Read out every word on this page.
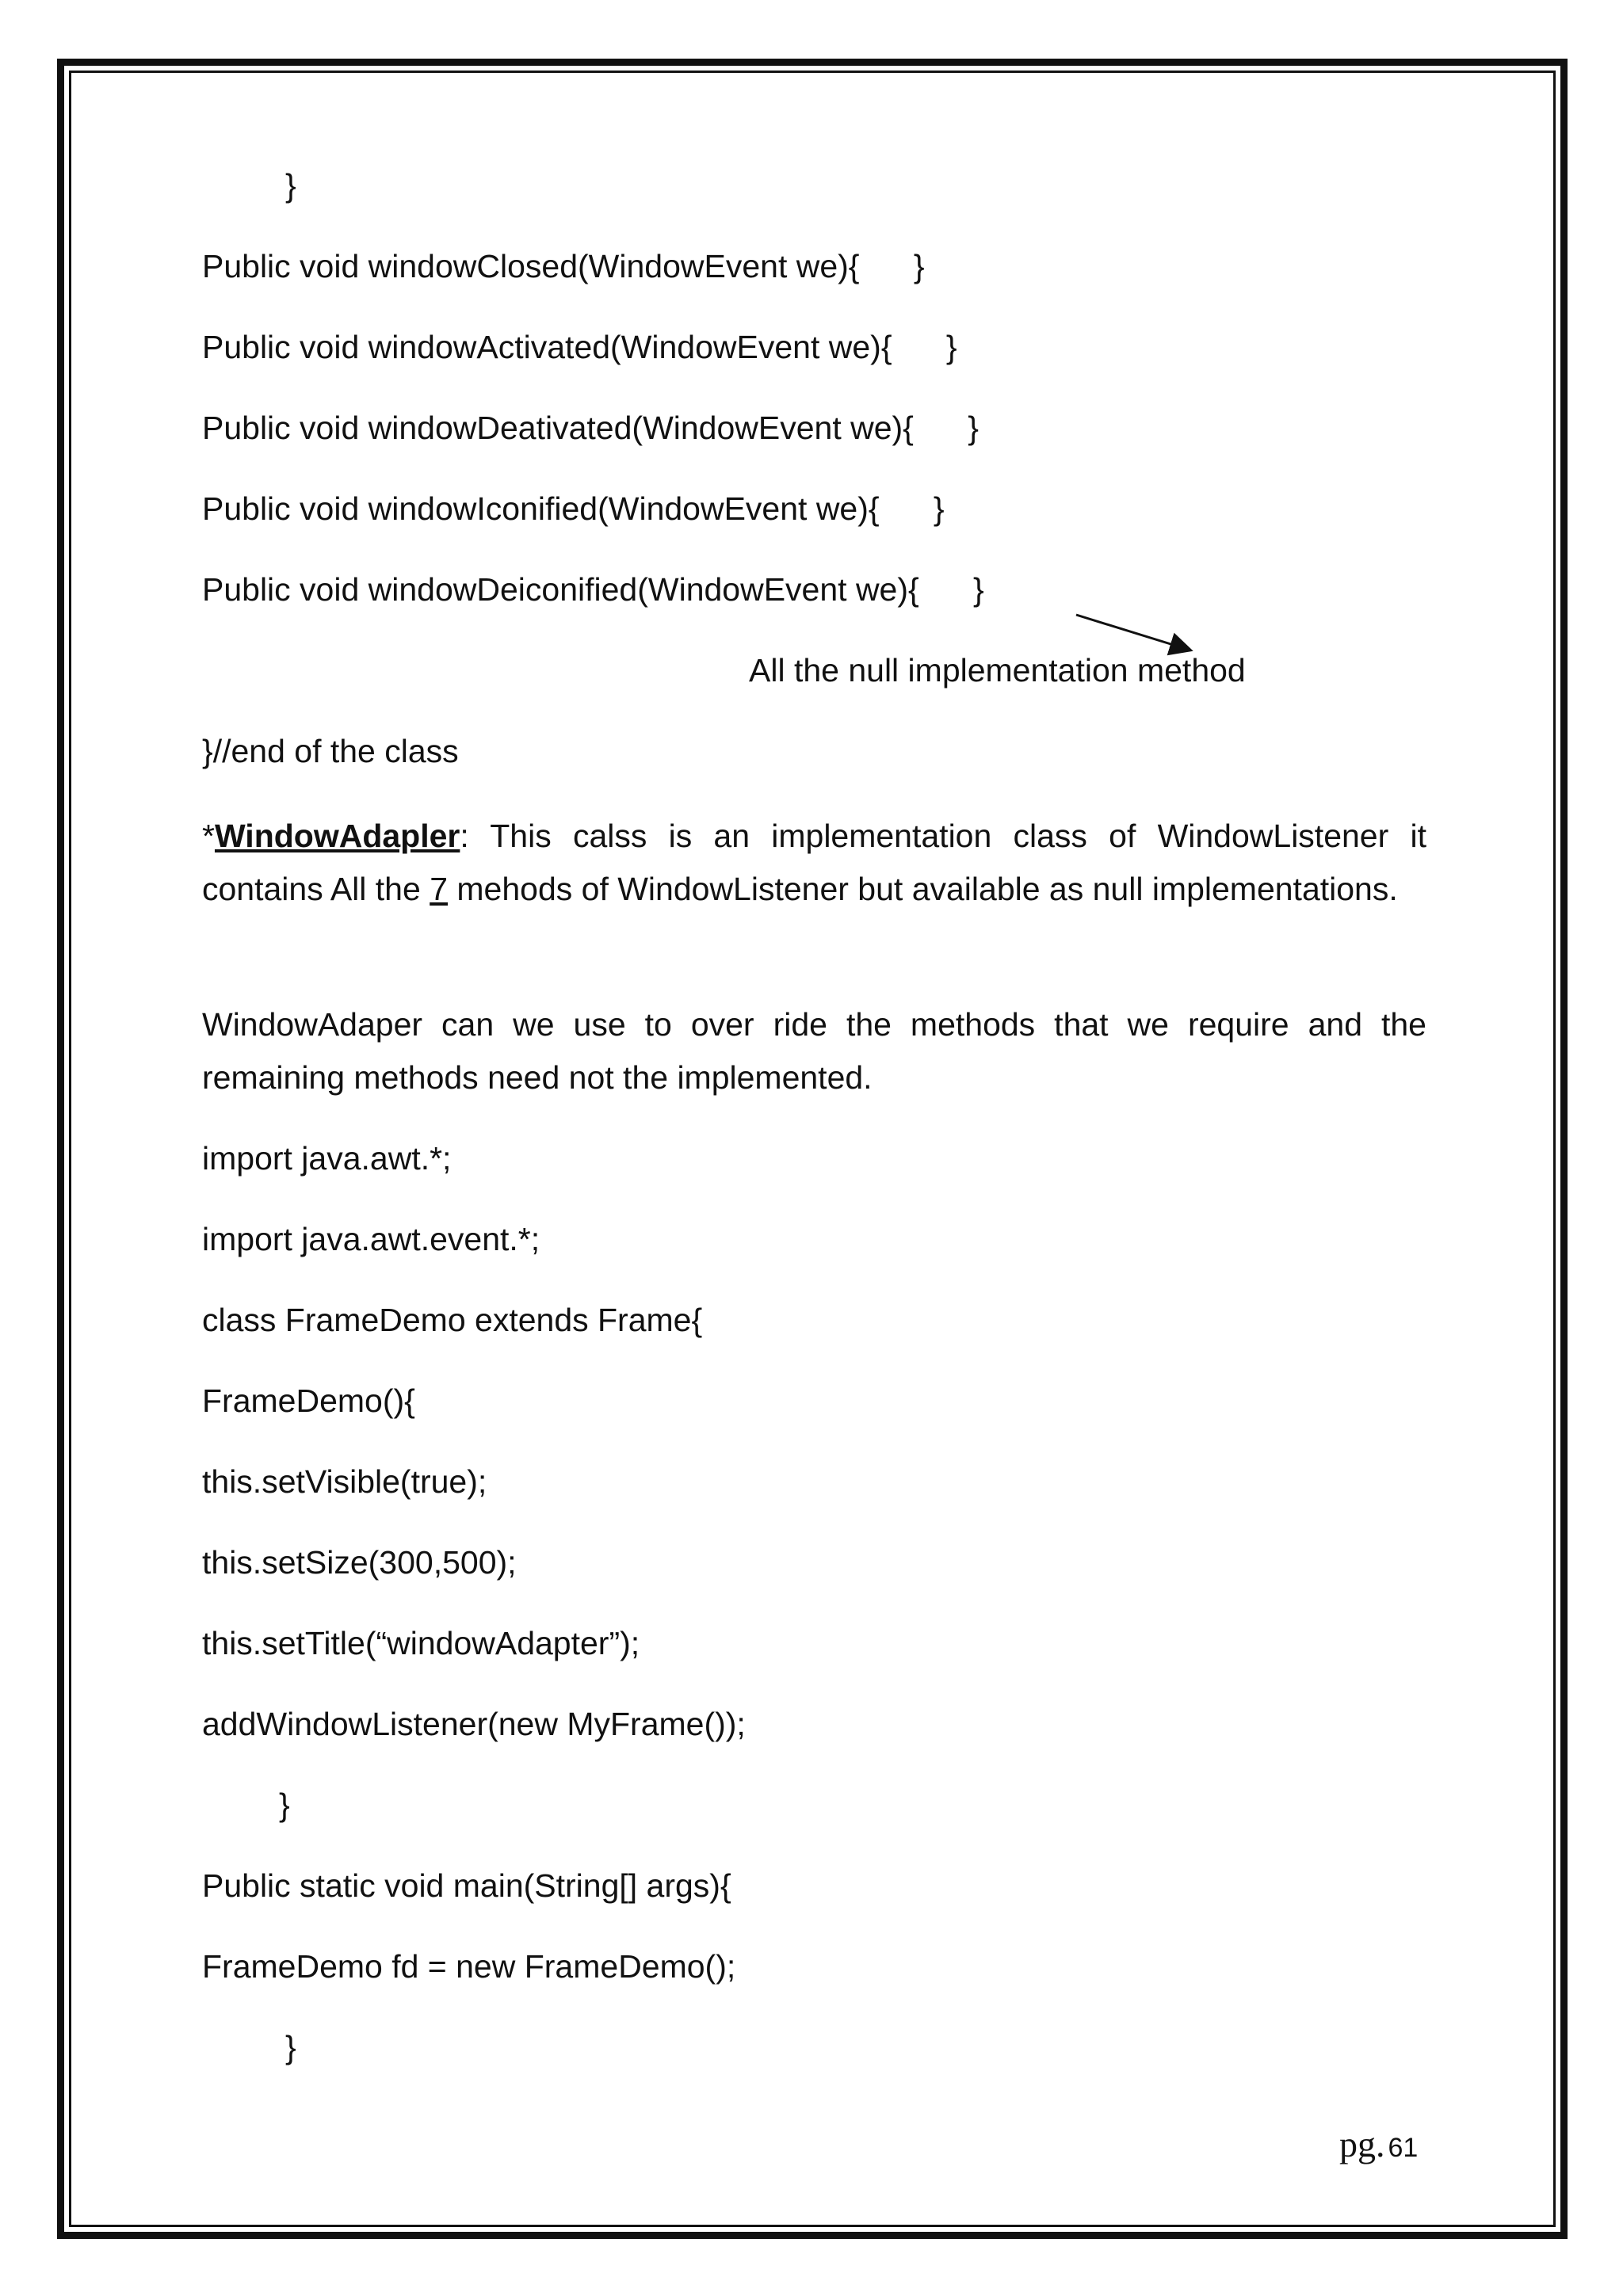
}

Public void windowClosed(WindowEvent we){      }

Public void windowActivated(WindowEvent we){      }

Public void windowDeativated(WindowEvent we){      }

Public void windowIconified(WindowEvent we){      }

Public void windowDeiconified(WindowEvent we){      }

All the null implementation method

}//end of the class

*WindowAdapler: This calss is an implementation class of WindowListener it contains All the 7 mehods of WindowListener but available as null implementations.

WindowAdaper can we use to over ride the methods that we require and the remaining methods need not the implemented.

import java.awt.*;

import java.awt.event.*;

class FrameDemo extends Frame{

FrameDemo(){

this.setVisible(true);

this.setSize(300,500);

this.setTitle(“windowAdapter”);

addWindowListener(new MyFrame());

}

Public static void main(String[] args){

FrameDemo fd = new FrameDemo();

}

pg. 61
